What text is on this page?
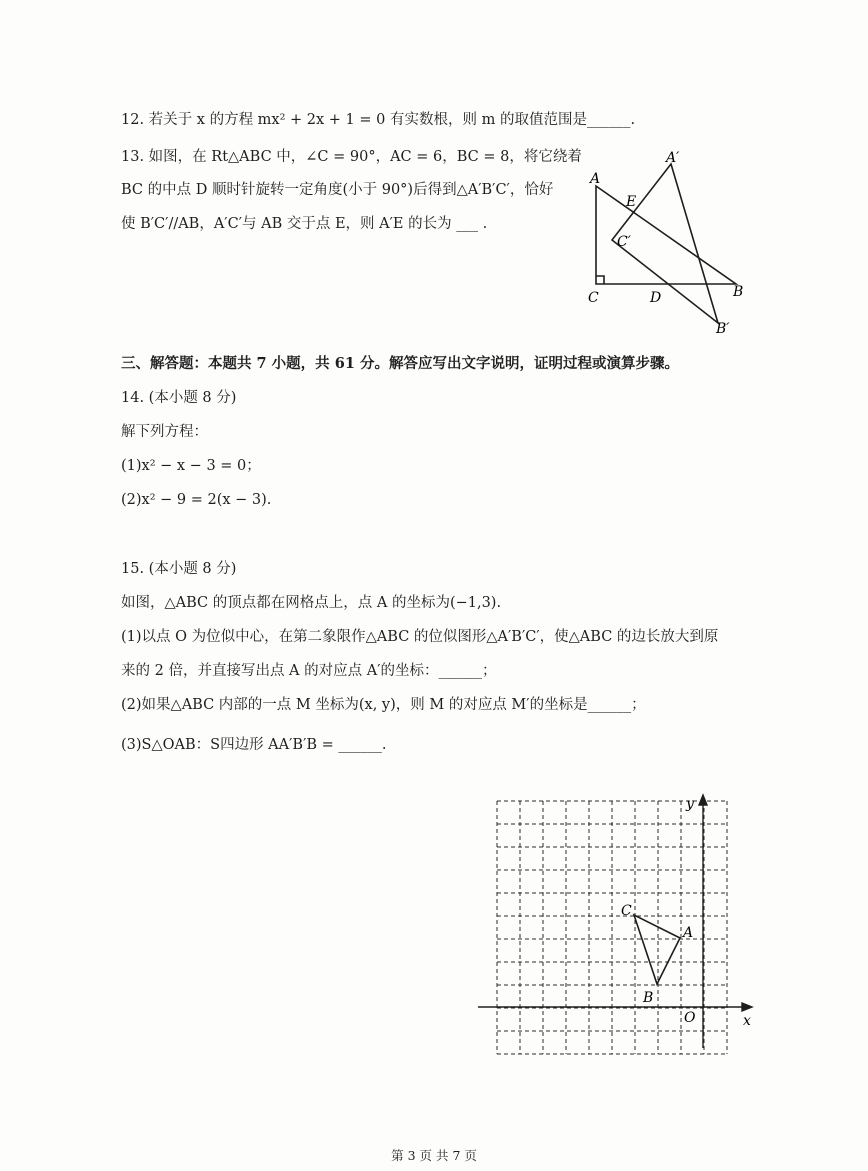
12. 若关于 x 的方程 mx² + 2x + 1 = 0 有实数根，则 m 的取值范围是______.
13. 如图，在 Rt△ABC 中，∠C = 90°，AC = 6，BC = 8，将它绕着
BC 的中点 D 顺时针旋转一定角度(小于 90°)后得到△A′B′C′，恰好
使 B′C′//AB，A′C′与 AB 交于点 E，则 A′E 的长为 ___ .
A
A′
E
C′
B
C	D
B′
三、解答题：本题共 7 小题，共 61 分。解答应写出文字说明，证明过程或演算步骤。
14. (本小题 8 分)
解下列方程：
(1)x² − x − 3 = 0；
(2)x² − 9 = 2(x − 3).
15. (本小题 8 分)
如图，△ABC 的顶点都在网格点上，点 A 的坐标为(−1,3).
(1)以点 O 为位似中心，在第二象限作△ABC 的位似图形△A′B′C′，使△ABC 的边长放大到原
来的 2 倍，并直接写出点 A 的对应点 A′的坐标：______；
(2)如果△ABC 内部的一点 M 坐标为(x, y)，则 M 的对应点 M′的坐标是______；
(3)S△OAB：S四边形 AA′B′B = ______.
y
x
O
A
B
C
第 3 页 共 7 页
